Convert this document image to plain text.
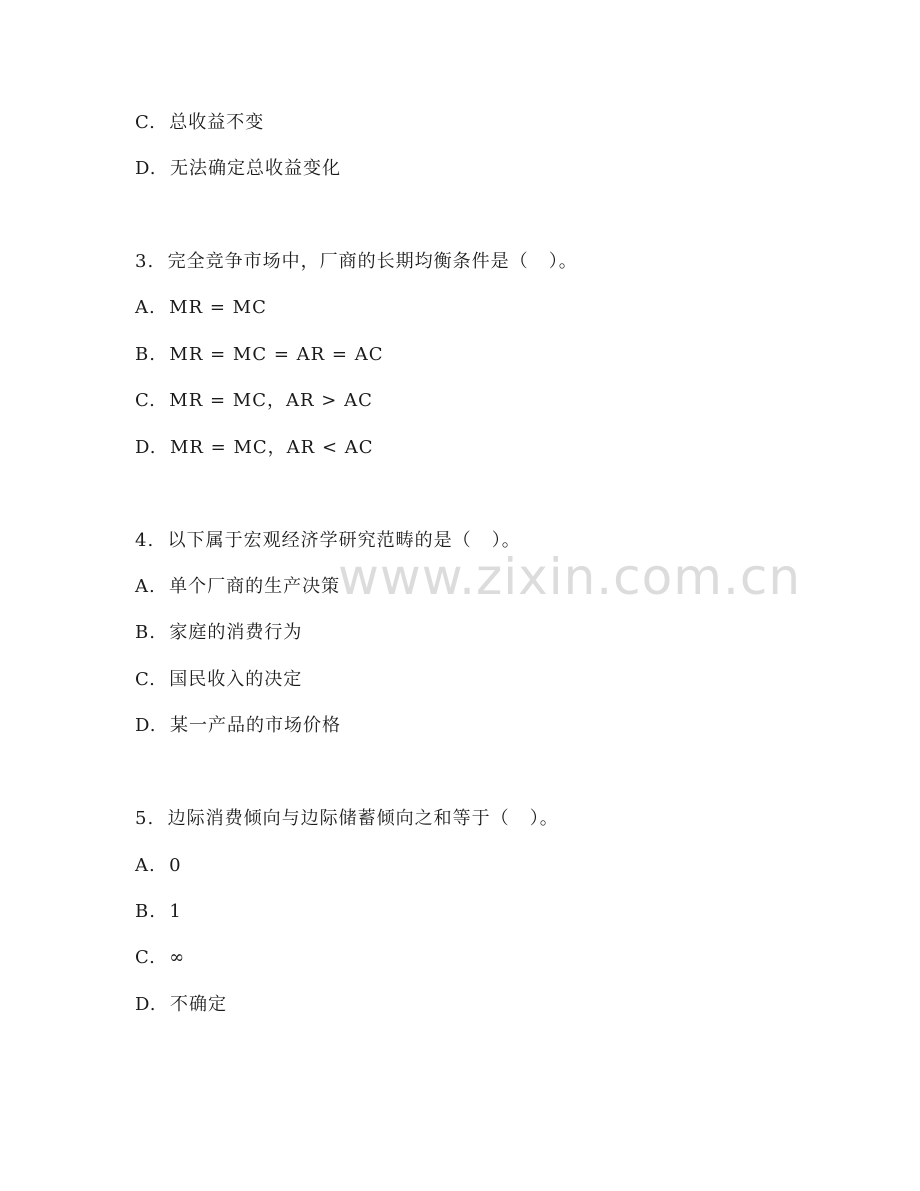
www.zixin.com.cn
C.  总收益不变
D.  无法确定总收益变化
3.  完全竞争市场中，厂商的长期均衡条件是（   ）。
A.  MR = MC
B.  MR = MC = AR = AC
C.  MR = MC，AR > AC
D.  MR = MC，AR < AC
4.  以下属于宏观经济学研究范畴的是（   ）。
A.  单个厂商的生产决策
B.  家庭的消费行为
C.  国民收入的决定
D.  某一产品的市场价格
5.  边际消费倾向与边际储蓄倾向之和等于（   ）。
A.  0
B.  1
C.  ∞
D.  不确定
